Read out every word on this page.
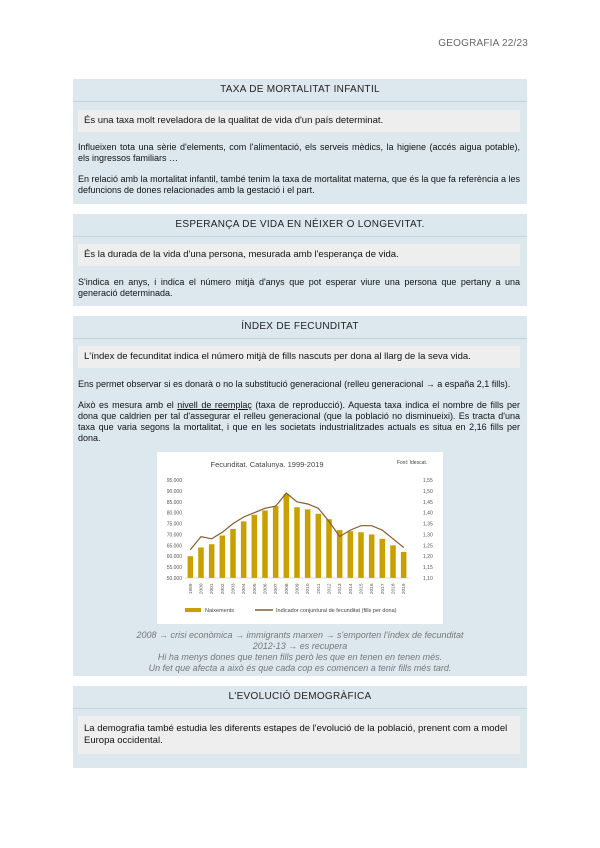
GEOGRAFIA 22/23
TAXA DE MORTALITAT INFANTIL
És una taxa molt reveladora de la qualitat de vida d'un país determinat.
Influeixen tota una sèrie d'elements, com l'alimentació, els serveis mèdics, la higiene (accés aigua potable), els ingressos familiars …
En relació amb la mortalitat infantil, també tenim la taxa de mortalitat materna, que és la que fa referència a les defuncions de dones relacionades amb la gestació i el part.
ESPERANÇA DE VIDA EN NÉIXER O LONGEVITAT.
És la durada de la vida d'una persona, mesurada amb l'esperança de vida.
S'indica en anys, i indica el número mitjà d'anys que pot esperar viure una persona que pertany a una generació determinada.
ÍNDEX DE FECUNDITAT
L'índex de fecunditat indica el número mitjà de fills nascuts per dona al llarg de la seva vida.
Ens permet observar si es donarà o no la substitució generacional (relleu generacional → a españa 2,1 fills).
Això es mesura amb el nivell de reemplaç (taxa de reproducció). Aquesta taxa indica el nombre de fills per dona que caldrien per tal d'assegurar el relleu generacional (que la població no disminueixi). Es tracta d'una taxa que varia segons la mortalitat, i que en les societats industrialitzades actuals es situa en 2,16 fills per dona.
Fecunditat. Catalunya. 1999-2019	Font: Idescat.
50.000
55.000
60.000
65.000
70.000
75.000
80.000
85.000
90.000
95.000
1,10
1,15
1,20
1,25
1,30
1,35
1,40
1,45
1,50
1,55
1999 2000 2001 2002 2003 2004 2005 2006 2007 2008 2009 2010 2011 2012 2013 2014 2015 2016 2017 2018 2019
Naixements	Indicador conjuntural de fecunditat (fills per dona)
2008 → crisi econòmica → immigrants marxen → s'emporten l'índex de fecunditat
2012-13 → es recupera
Hi ha menys dones que tenen fills però les que en tenen en tenen més.
Un fet que afecta a això és que cada cop es comencen a tenir fills més tard.
L'EVOLUCIÓ DEMOGRÀFICA
La demografia també estudia les diferents estapes de l'evolució de la població, prenent com a model Europa occidental.
